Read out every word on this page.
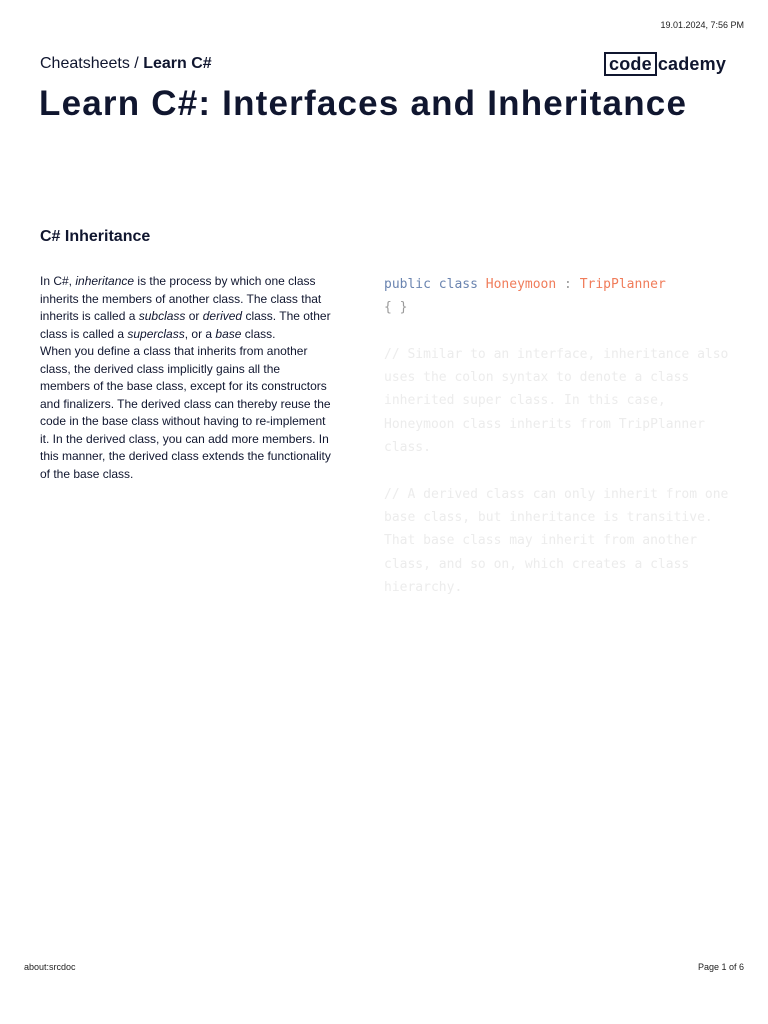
19.01.2024, 7:56 PM
Cheatsheets / Learn C#	code cademy
Learn C#: Interfaces and Inheritance
C# Inheritance

In C#, inheritance is the process by which one class inherits the members of another class. The class that inherits is called a subclass or derived class. The other class is called a superclass, or a base class.

When you define a class that inherits from another class, the derived class implicitly gains all the members of the base class, except for its constructors and finalizers. The derived class can thereby reuse the code in the base class without having to re-implement it. In the derived class, you can add more members. In this manner, the derived class extends the functionality of the base class.

public class Honeymoon : TripPlanner
{ }

// Similar to an interface, inheritance also uses the colon syntax to denote a class inherited super class. In this case, Honeymoon class inherits from TripPlanner class.

// A derived class can only inherit from one base class, but inheritance is transitive. That base class may inherit from another class, and so on, which creates a class hierarchy.
about:srcdoc	Page 1 of 6
